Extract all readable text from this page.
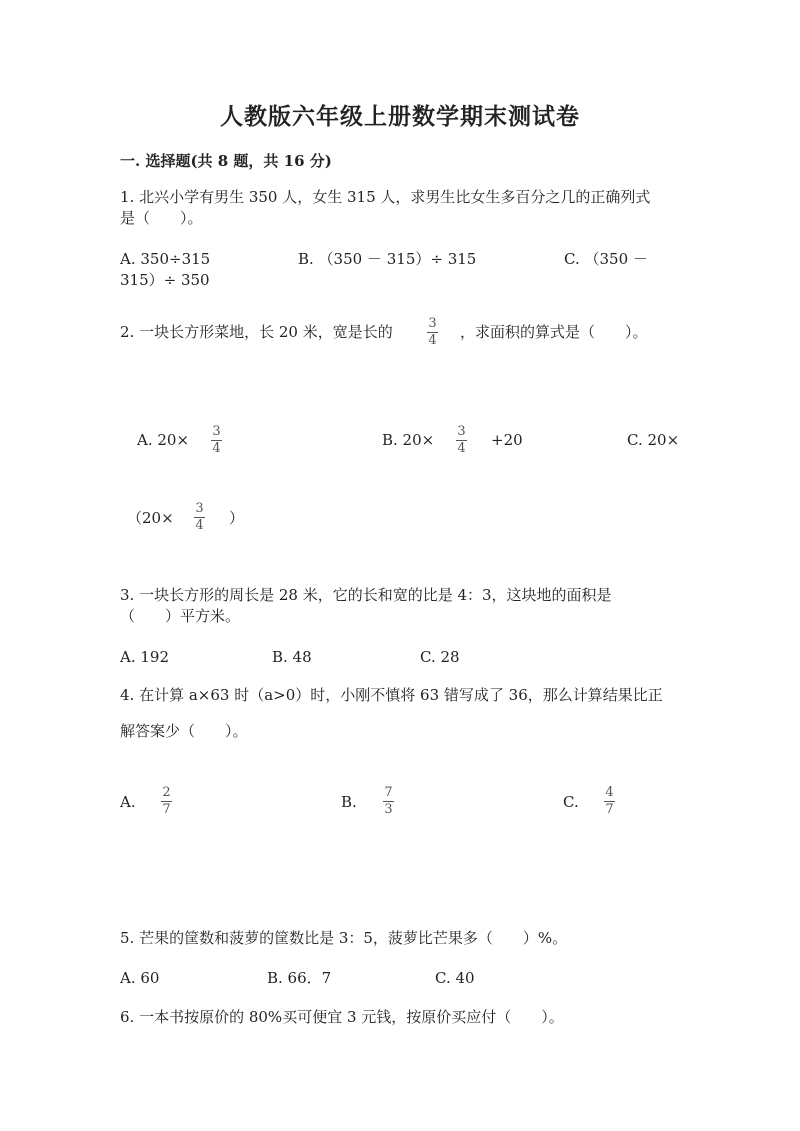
人教版六年级上册数学期末测试卷
一. 选择题(共 8 题，共 16 分)
1. 北兴小学有男生 350 人，女生 315 人，求男生比女生多百分之几的正确列式
是（　　）。
A. 350÷315	B. （350 － 315）÷ 315	C. （350 －
315）÷ 350
2. 一块长方形菜地，长 20 米，宽是长的	3
4 ，求面积的算式是（　　）。
A. 20× 3
4	B. 20× 3
4 +20	C. 20×
（20×
3
4 ）
3. 一块长方形的周长是 28 米，它的长和宽的比是 4：3，这块地的面积是
（　　）平方米。
A. 192	B. 48	C. 28
4. 在计算 a×63 时（a>0）时，小刚不慎将 63 错写成了 36，那么计算结果比正
解答案少（　　）。
A.
2
7	B.
7
3	C.
4
7
5. 芒果的筐数和菠萝的筐数比是 3：5，菠萝比芒果多（　　）%。
A. 60	B. 66．7	C. 40
6. 一本书按原价的 80%买可便宜 3 元钱，按原价买应付（　　）。
